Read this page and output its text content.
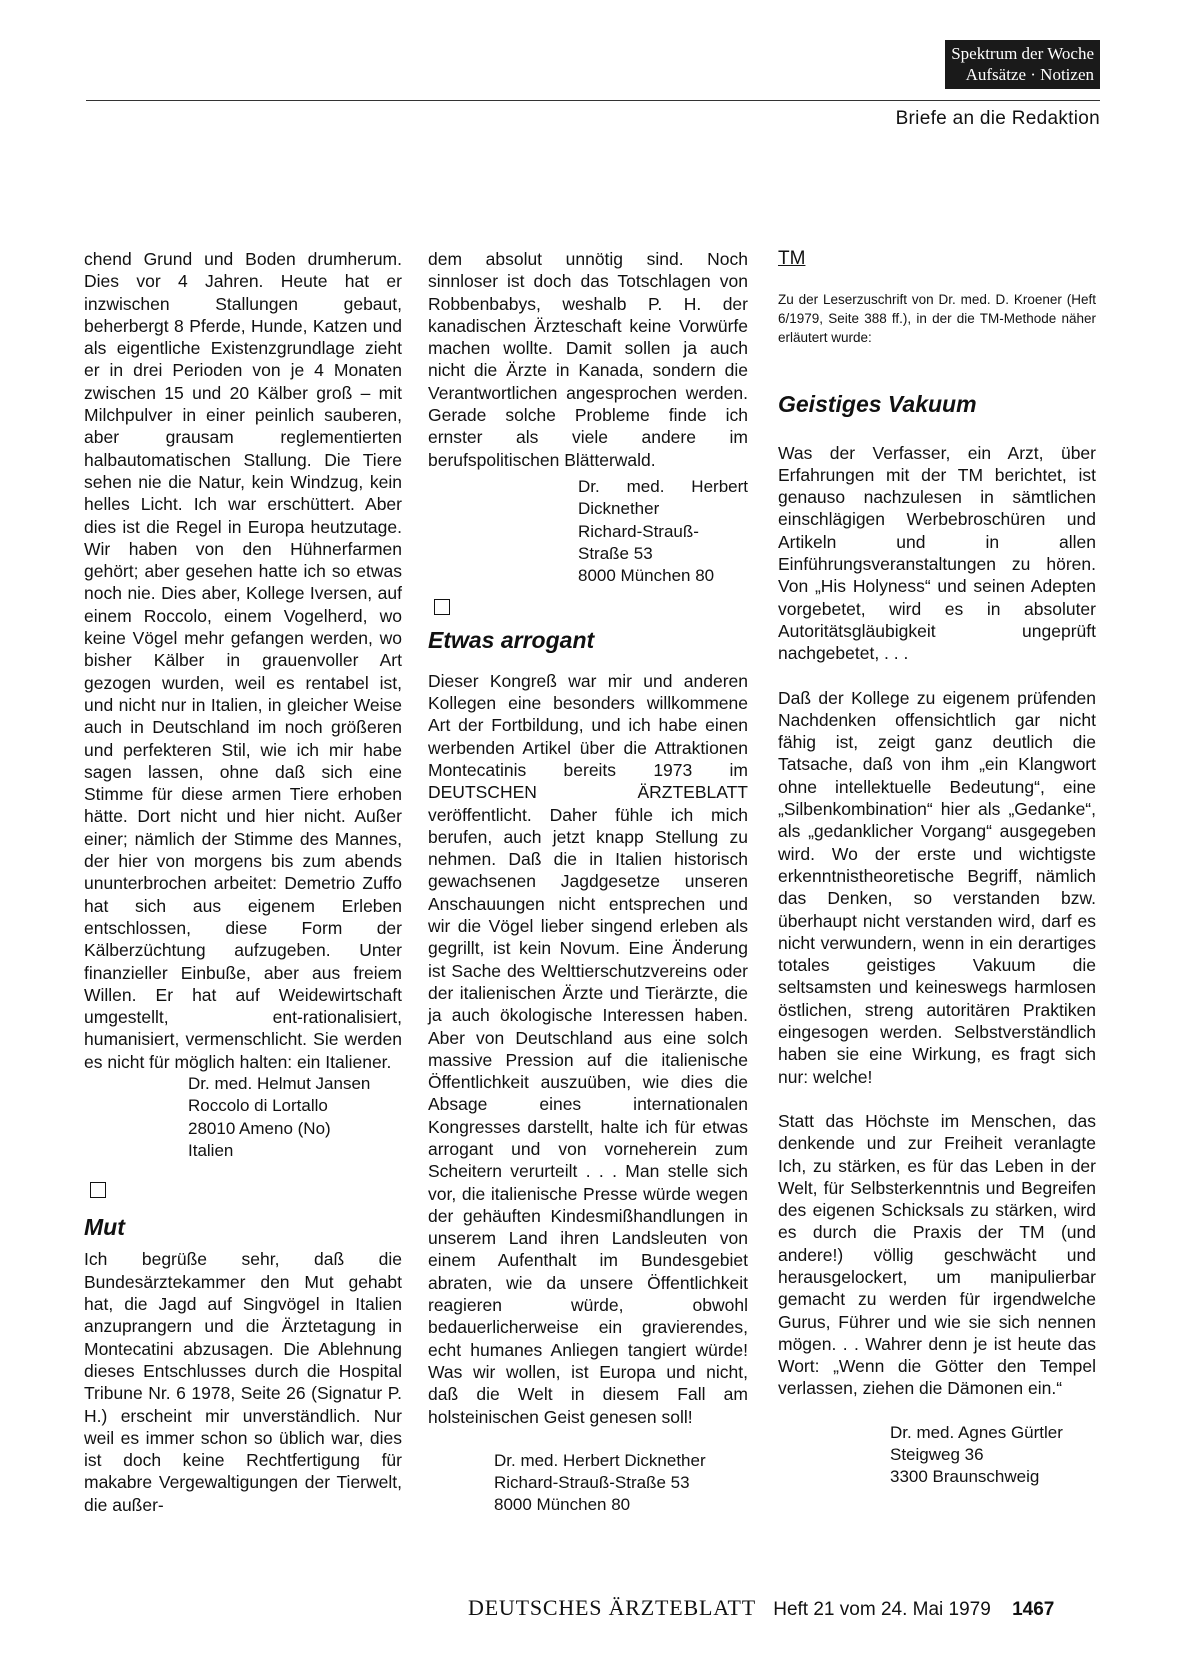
Spektrum der Woche
Aufsätze · Notizen
Briefe an die Redaktion

chend Grund und Boden drumherum. Dies vor 4 Jahren. Heute hat er inzwischen Stallungen gebaut, beherbergt 8 Pferde, Hunde, Katzen und als eigentliche Existenzgrundlage zieht er in drei Perioden von je 4 Monaten zwischen 15 und 20 Kälber groß – mit Milchpulver in einer peinlich sauberen, aber grausam reglementierten halbautomatischen Stallung. Die Tiere sehen nie die Natur, kein Windzug, kein helles Licht. Ich war erschüttert. Aber dies ist die Regel in Europa heutzutage. Wir haben von den Hühnerfarmen gehört; aber gesehen hatte ich so etwas noch nie. Dies aber, Kollege Iversen, auf einem Roccolo, einem Vogelherd, wo keine Vögel mehr gefangen werden, wo bisher Kälber in grauenvoller Art gezogen wurden, weil es rentabel ist, und nicht nur in Italien, in gleicher Weise auch in Deutschland im noch größeren und perfekteren Stil, wie ich mir habe sagen lassen, ohne daß sich eine Stimme für diese armen Tiere erhoben hätte. Dort nicht und hier nicht. Außer einer; nämlich der Stimme des Mannes, der hier von morgens bis zum abends ununterbrochen arbeitet: Demetrio Zuffo hat sich aus eigenem Erleben entschlossen, diese Form der Kälberzüchtung aufzugeben. Unter finanzieller Einbuße, aber aus freiem Willen. Er hat auf Weidewirtschaft umgestellt, ent-rationalisiert, humanisiert, vermenschlicht. Sie werden es nicht für möglich halten: ein Italiener.

Dr. med. Helmut Jansen
Roccolo di Lortallo
28010 Ameno (No)
Italien
Mut

Ich begrüße sehr, daß die Bundesärztekammer den Mut gehabt hat, die Jagd auf Singvögel in Italien anzuprangern und die Ärztetagung in Montecatini abzusagen. Die Ablehnung dieses Entschlusses durch die Hospital Tribune Nr. 6 1978, Seite 26 (Signatur P. H.) erscheint mir unverständlich. Nur weil es immer schon so üblich war, dies ist doch keine Rechtfertigung für makabre Vergewaltigungen der Tierwelt, die außer-

dem absolut unnötig sind. Noch sinnloser ist doch das Totschlagen von Robbenbabys, weshalb P. H. der kanadischen Ärzteschaft keine Vorwürfe machen wollte. Damit sollen ja auch nicht die Ärzte in Kanada, sondern die Verantwortlichen angesprochen werden. Gerade solche Probleme finde ich ernster als viele andere im berufspolitischen Blätterwald.

Dr. med. Herbert Dicknether
Richard-Strauß-Straße 53
8000 München 80
Etwas arrogant

Dieser Kongreß war mir und anderen Kollegen eine besonders willkommene Art der Fortbildung, und ich habe einen werbenden Artikel über die Attraktionen Montecatinis bereits 1973 im DEUTSCHEN ÄRZTEBLATT veröffentlicht. Daher fühle ich mich berufen, auch jetzt knapp Stellung zu nehmen. Daß die in Italien historisch gewachsenen Jagdgesetze unseren Anschauungen nicht entsprechen und wir die Vögel lieber singend erleben als gegrillt, ist kein Novum. Eine Änderung ist Sache des Welttierschutzvereins oder der italienischen Ärzte und Tierärzte, die ja auch ökologische Interessen haben. Aber von Deutschland aus eine solch massive Pression auf die italienische Öffentlichkeit auszuüben, wie dies die Absage eines internationalen Kongresses darstellt, halte ich für etwas arrogant und von vorneherein zum Scheitern verurteilt . . . Man stelle sich vor, die italienische Presse würde wegen der gehäuften Kindesmißhandlungen in unserem Land ihren Landsleuten von einem Aufenthalt im Bundesgebiet abraten, wie da unsere Öffentlichkeit reagieren würde, obwohl bedauerlicherweise ein gravierendes, echt humanes Anliegen tangiert würde! Was wir wollen, ist Europa und nicht, daß die Welt in diesem Fall am holsteinischen Geist genesen soll!

Dr. med. Herbert Dicknether
Richard-Strauß-Straße 53
8000 München 80
TM

Zu der Leserzuschrift von Dr. med. D. Kroener (Heft 6/1979, Seite 388 ff.), in der die TM-Methode näher erläutert wurde:

Geistiges Vakuum

Was der Verfasser, ein Arzt, über Erfahrungen mit der TM berichtet, ist genauso nachzulesen in sämtlichen einschlägigen Werbebroschüren und Artikeln und in allen Einführungsveranstaltungen zu hören. Von „His Holyness“ und seinen Adepten vorgebetet, wird es in absoluter Autoritätsgläubigkeit ungeprüft nachgebetet, . . .

Daß der Kollege zu eigenem prüfenden Nachdenken offensichtlich gar nicht fähig ist, zeigt ganz deutlich die Tatsache, daß von ihm „ein Klangwort ohne intellektuelle Bedeutung“, eine „Silbenkombination“ hier als „Gedanke“, als „gedanklicher Vorgang“ ausgegeben wird. Wo der erste und wichtigste erkenntnistheoretische Begriff, nämlich das Denken, so verstanden bzw. überhaupt nicht verstanden wird, darf es nicht verwundern, wenn in ein derartiges totales geistiges Vakuum die seltsamsten und keineswegs harmlosen östlichen, streng autoritären Praktiken eingesogen werden. Selbstverständlich haben sie eine Wirkung, es fragt sich nur: welche!

Statt das Höchste im Menschen, das denkende und zur Freiheit veranlagte Ich, zu stärken, es für das Leben in der Welt, für Selbsterkenntnis und Begreifen des eigenen Schicksals zu stärken, wird es durch die Praxis der TM (und andere!) völlig geschwächt und herausgelockert, um manipulierbar gemacht zu werden für irgendwelche Gurus, Führer und wie sie sich nennen mögen. . . Wahrer denn je ist heute das Wort: „Wenn die Götter den Tempel verlassen, ziehen die Dämonen ein.“

Dr. med. Agnes Gürtler
Steigweg 36
3300 Braunschweig
DEUTSCHES ÄRZTEBLATT Heft 21 vom 24. Mai 1979 1467
